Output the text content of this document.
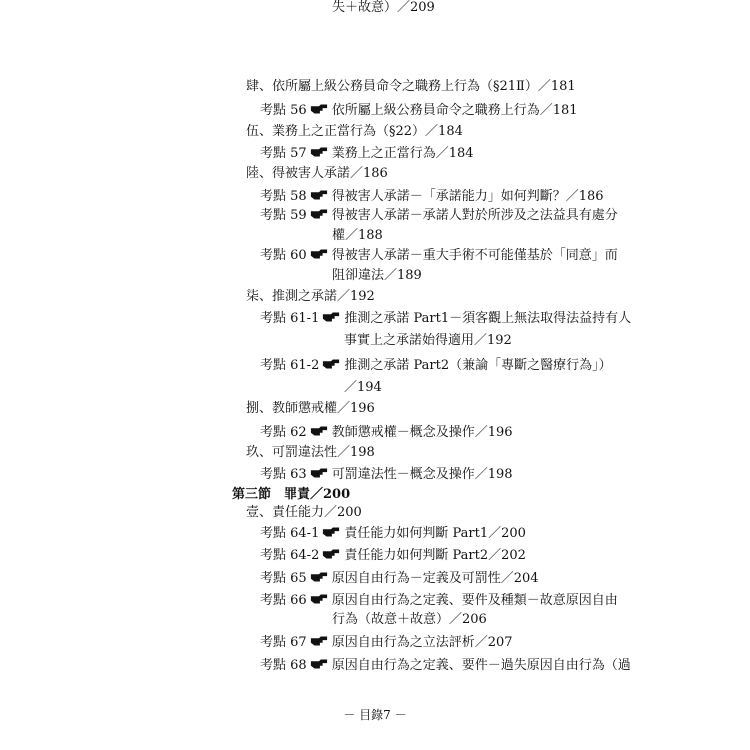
肆、依所屬上級公務員命令之職務上行為（§21Ⅱ）／181
考點 56 依所屬上級公務員命令之職務上行為／181
伍、業務上之正當行為（§22）／184
考點 57 業務上之正當行為／184
陸、得被害人承諾／186
考點 58 得被害人承諾－「承諾能力」如何判斷？／186
考點 59 得被害人承諾－承諾人對於所涉及之法益具有處分
權／188
考點 60 得被害人承諾－重大手術不可能僅基於「同意」而
阻卻違法／189
柒、推測之承諾／192
考點 61-1 推測之承諾 Part1－須客觀上無法取得法益持有人
事實上之承諾始得適用／192
考點 61-2 推測之承諾 Part2（兼論「專斷之醫療行為」）
／194
捌、教師懲戒權／196
考點 62 教師懲戒權－概念及操作／196
玖、可罰違法性／198
考點 63 可罰違法性－概念及操作／198
第三節　罪責／200
壹、責任能力／200
考點 64-1 責任能力如何判斷 Part1／200
考點 64-2 責任能力如何判斷 Part2／202
考點 65 原因自由行為－定義及可罰性／204
考點 66 原因自由行為之定義、要件及種類－故意原因自由
行為（故意＋故意）／206
考點 67 原因自由行為之立法評析／207
考點 68 原因自由行為之定義、要件－過失原因自由行為（過
失＋故意）／209
－ 目錄7 －
